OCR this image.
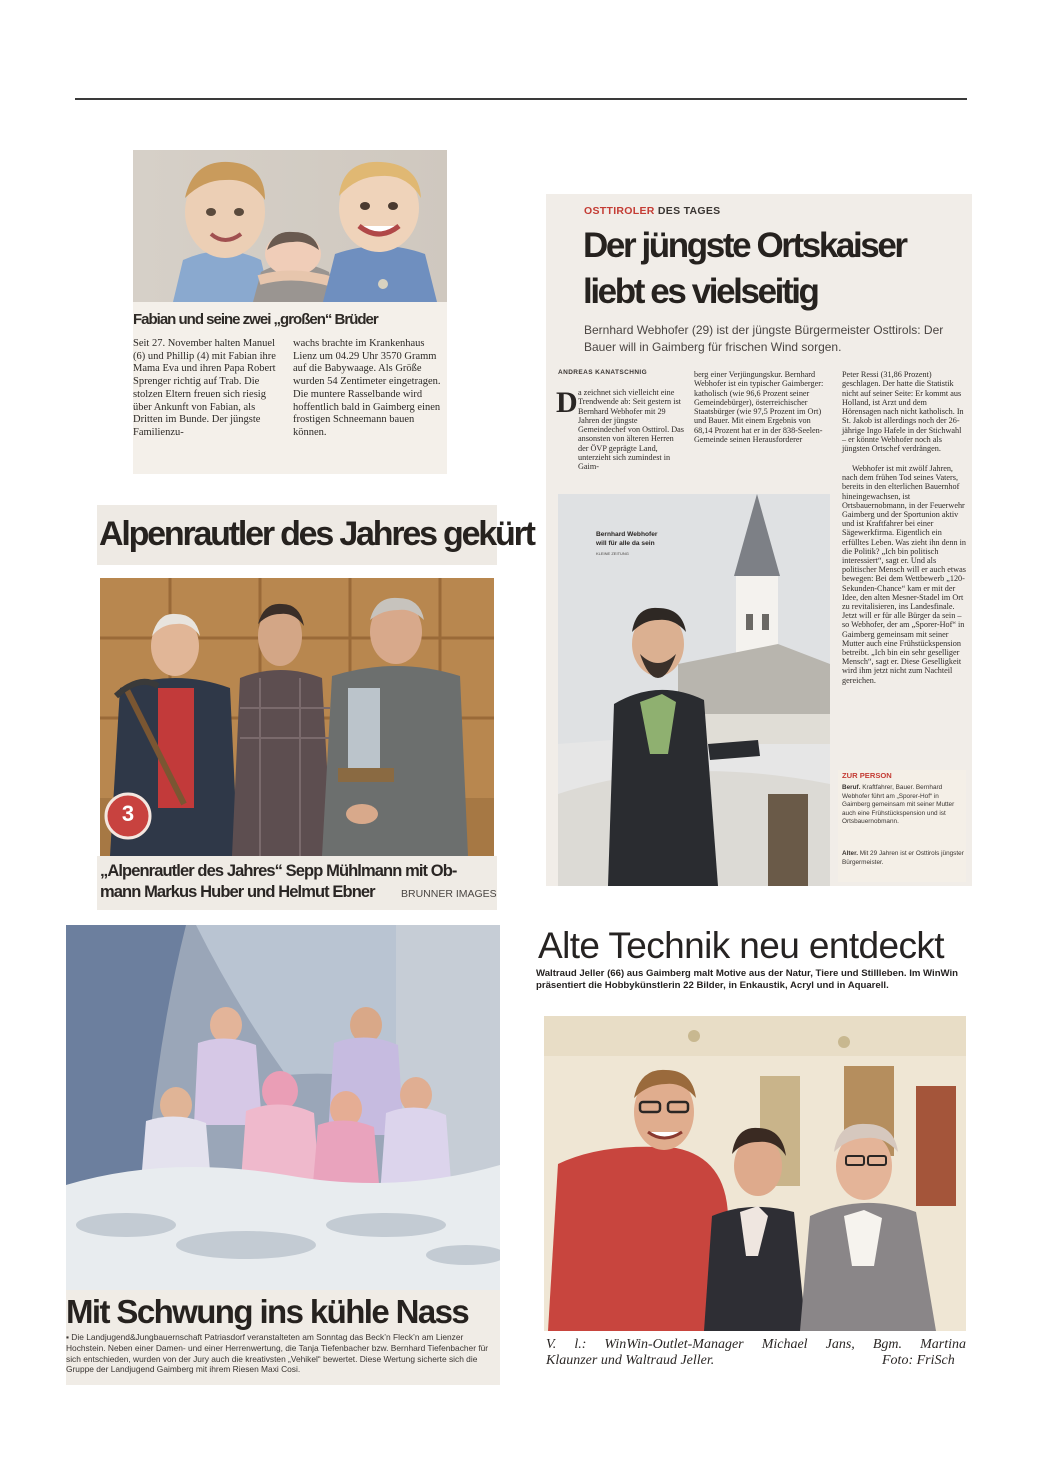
Fabian und seine zwei „großen“ Brüder
Seit 27. November halten Manuel (6) und Phillip (4) mit Fabian ihre Mama Eva und ihren Papa Robert Sprenger richtig auf Trab. Die stolzen Eltern freuen sich riesig über Ankunft von Fabian, als Dritten im Bunde. Der jüngste Familienzu-
wachs brachte im Krankenhaus Lienz um 04.29 Uhr 3570 Gramm auf die Babywaage. Als Größe wurden 54 Zentimeter eingetragen. Die muntere Rasselbande wird hoffentlich bald in Gaimberg einen frostigen Schneemann bauen können.
Alpenrautler des Jahres gekürt
3
„Alpenrautler des Jahres“ Sepp Mühlmann mit Ob-
mann Markus Huber und Helmut Ebner	BRUNNER IMAGES
Mit Schwung ins kühle Nass
▪ Die Landjugend&Jungbauernschaft Patriasdorf veranstalteten am Sonntag das Beck’n Fleck’n am Lienzer Hochstein. Neben einer Damen- und einer Herrenwertung, die Tanja Tiefenbacher bzw. Bernhard Tiefenbacher für sich entschieden, wurden von der Jury auch die kreativsten „Vehikel“ bewertet. Diese Wertung sicherte sich die Gruppe der Landjugend Gaimberg mit ihrem Riesen Maxi Cosi.
OSTTIROLER DES TAGES
Der jüngste Ortskaiser
liebt es vielseitig
Bernhard Webhofer (29) ist der jüngste Bürgermeister Osttirols: Der Bauer will in Gaimberg für frischen Wind sorgen.
ANDREAS KANATSCHNIG
D a zeichnet sich vielleicht eine Trendwende ab: Seit gestern ist Bernhard Webhofer mit 29 Jahren der jüngste Gemeindechef von Osttirol. Das ansonsten von älteren Herren der ÖVP geprägte Land, unterzieht sich zumindest in Gaim-
berg einer Verjüngungskur. Bernhard Webhofer ist ein typischer Gaimberger: katholisch (wie 96,6 Prozent seiner Gemeindebürger), österreichischer Staatsbürger (wie 97,5 Prozent im Ort) und Bauer. Mit einem Ergebnis von 68,14 Prozent hat er in der 838-Seelen-Gemeinde seinen Herausforderer
Peter Ressi (31,86 Prozent) geschlagen. Der hatte die Statistik nicht auf seiner Seite: Er kommt aus Holland, ist Arzt und dem Hörensagen nach nicht katholisch. In St. Jakob ist allerdings noch der 26-jährige Ingo Hafele in der Stichwahl – er könnte Webhofer noch als jüngsten Ortschef verdrängen.
Webhofer ist mit zwölf Jahren, nach dem frühen Tod seines Vaters, bereits in den elterlichen Bauernhof hineingewachsen, ist Ortsbauernobmann, in der Feuerwehr Gaimberg und der Sportunion aktiv und ist Kraftfahrer bei einer Sägewerkfirma. Eigentlich ein erfülltes Leben. Was zieht ihn denn in die Politik? „Ich bin politisch interessiert“, sagt er. Und als politischer Mensch will er auch etwas bewegen: Bei dem Wettbewerb „120-Sekunden-Chance“ kam er mit der Idee, den alten Mesner-Stadel im Ort zu revitalisieren, ins Landesfinale. Jetzt will er für alle Bürger da sein – so Webhofer, der am „Sporer-Hof“ in Gaimberg gemeinsam mit seiner Mutter auch eine Frühstückspension betreibt. „Ich bin ein sehr geselliger Mensch“, sagt er. Diese Geselligkeit wird ihm jetzt nicht zum Nachteil gereichen.
Bernhard Webhofer
will für alle da sein
KLEINE ZEITUNG
ZUR PERSON
Beruf. Kraftfahrer, Bauer. Bernhard Webhofer führt am „Sporer-Hof“ in Gaimberg gemeinsam mit seiner Mutter auch eine Frühstückspension und ist Ortsbauernobmann.
Alter. Mit 29 Jahren ist er Osttirols jüngster Bürgermeister.
Alte Technik neu entdeckt
Waltraud Jeller (66) aus Gaimberg malt Motive aus der Natur, Tiere und Stillleben. Im WinWin präsentiert die Hobbykünstlerin 22 Bilder, in Enkaustik, Acryl und in Aquarell.
V. l.: WinWin-Outlet-Manager Michael Jans, Bgm. Martina
Klaunzer und Waltraud Jeller.	Foto: FriSch
